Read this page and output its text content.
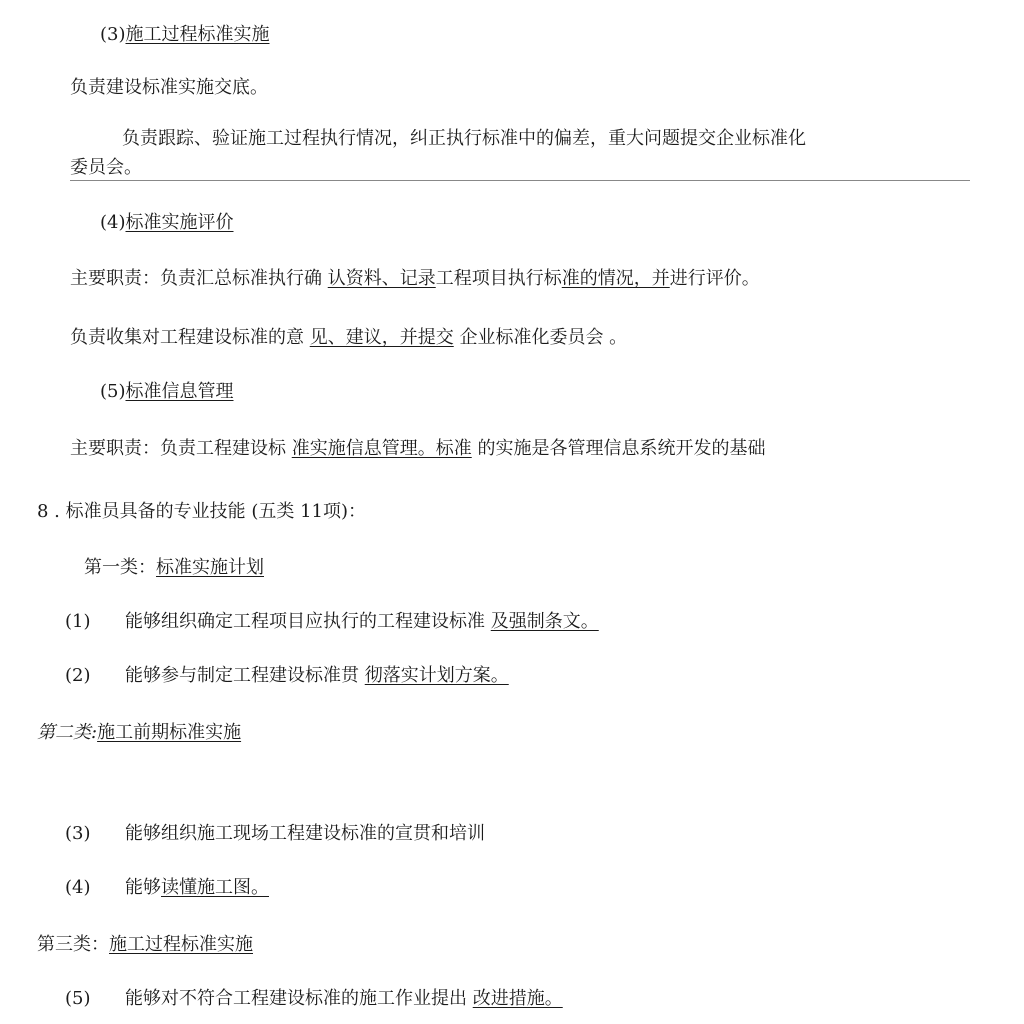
(3)施工过程标准实施
负责建设标准实施交底。
负责跟踪、验证施工过程执行情况，纠正执行标准中的偏差，重大问题提交企业标准化
委员会。
(4)标准实施评价
主要职责：负责汇总标准执行确 认资料、记录工程项目执行标准的情况，并进行评价。
负责收集对工程建设标准的意 见、建议，并提交 企业标准化委员会 。
(5)标准信息管理
主要职责：负责工程建设标 准实施信息管理。标准 的实施是各管理信息系统开发的基础
8 . 标准员具备的专业技能 (五类 11项)：
第一类：标准实施计划
(1) 能够组织确定工程项目应执行的工程建设标准 及强制条文。
(2) 能够参与制定工程建设标准贯 彻落实计划方案。
第二类:施工前期标准实施
(3) 能够组织施工现场工程建设标准的宣贯和培训
(4) 能够读懂施工图。
第三类：施工过程标准实施
(5) 能够对不符合工程建设标准的施工作业提出 改进措施。
